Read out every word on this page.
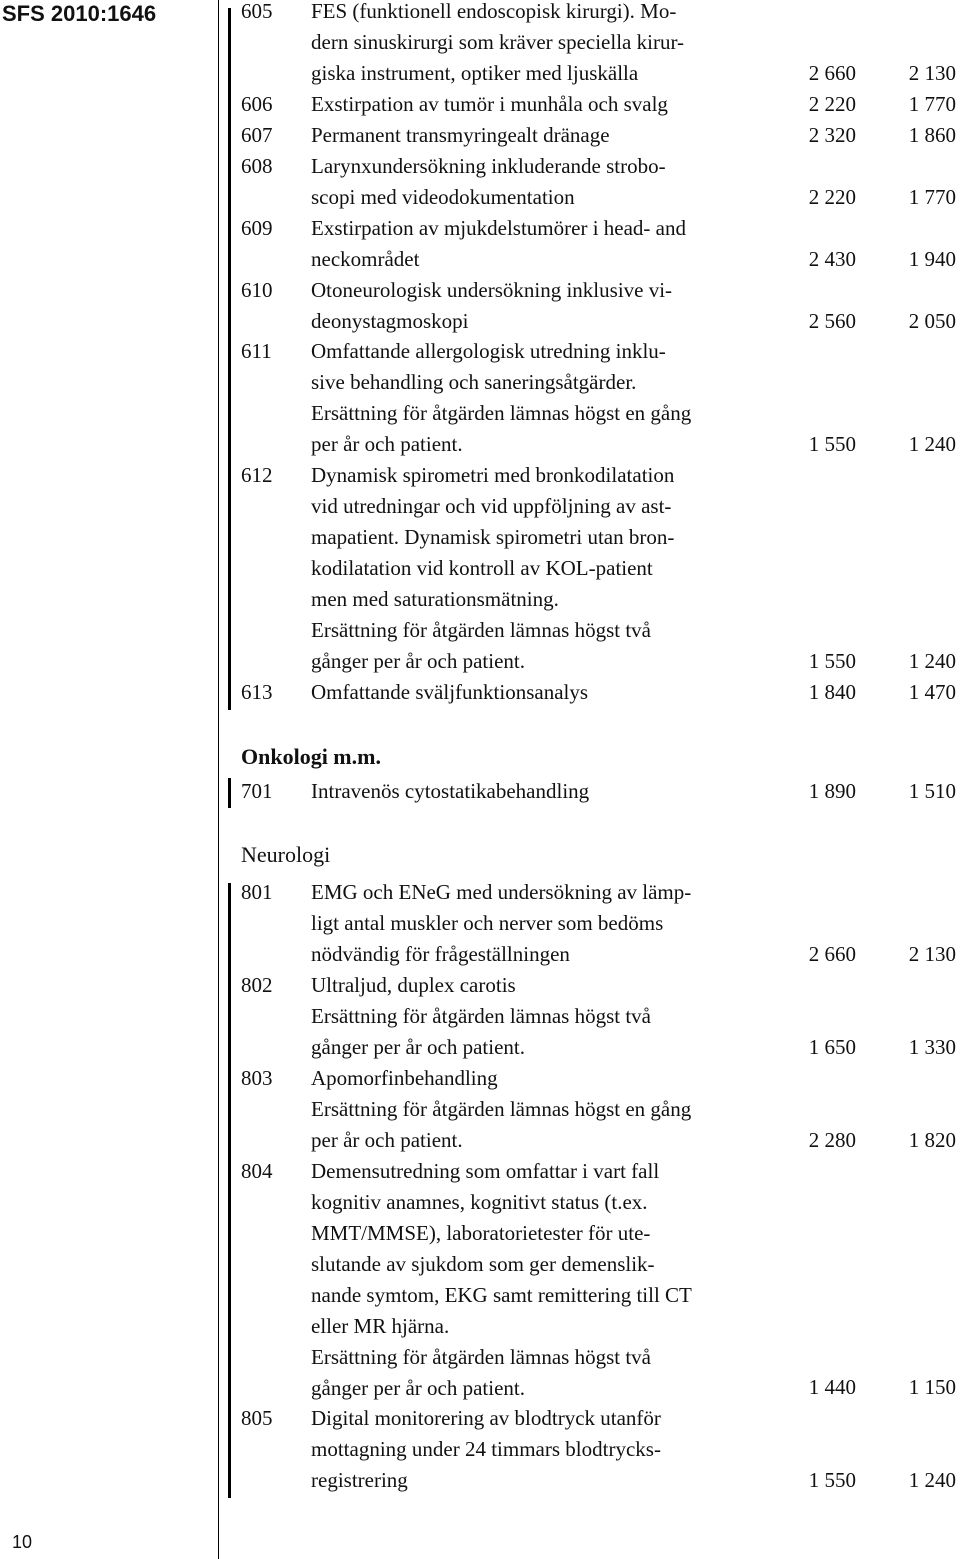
SFS 2010:1646
10
Onkologi m.m.
Neurologi
605 FES (funktionell endoscopisk kirurgi). Mo-
dern sinuskirurgi som kräver speciella kirur-
giska instrument, optiker med ljuskälla	2 660	2 130
606 Exstirpation av tumör i munhåla och svalg	2 220	1 770
607 Permanent transmyringealt dränage	2 320	1 860
608 Larynxundersökning inkluderande strobo-
scopi med videodokumentation	2 220	1 770
609 Exstirpation av mjukdelstumörer i head- and
neckområdet	2 430	1 940
610 Otoneurologisk undersökning inklusive vi-
deonystagmoskopi	2 560	2 050
611 Omfattande allergologisk utredning inklu-
sive behandling och saneringsåtgärder.
Ersättning för åtgärden lämnas högst en gång
per år och patient.	1 550	1 240
612 Dynamisk spirometri med bronkodilatation
vid utredningar och vid uppföljning av ast-
mapatient. Dynamisk spirometri utan bron-
kodilatation vid kontroll av KOL-patient
men med saturationsmätning.
Ersättning för åtgärden lämnas högst två
gånger per år och patient.	1 550	1 240
613 Omfattande sväljfunktionsanalys	1 840	1 470
701 Intravenös cytostatikabehandling	1 890	1 510
801 EMG och ENeG med undersökning av lämp-
ligt antal muskler och nerver som bedöms
nödvändig för frågeställningen	2 660	2 130
802 Ultraljud, duplex carotis
Ersättning för åtgärden lämnas högst två
gånger per år och patient.	1 650	1 330
803 Apomorfinbehandling
Ersättning för åtgärden lämnas högst en gång
per år och patient.	2 280	1 820
804 Demensutredning som omfattar i vart fall
kognitiv anamnes, kognitivt status (t.ex.
MMT/MMSE), laboratorietester för ute-
slutande av sjukdom som ger demenslik-
nande symtom, EKG samt remittering till CT
eller MR hjärna.
Ersättning för åtgärden lämnas högst två
gånger per år och patient.	1 440	1 150
805 Digital monitorering av blodtryck utanför
mottagning under 24 timmars blodtrycks-
registrering	1 550	1 240
